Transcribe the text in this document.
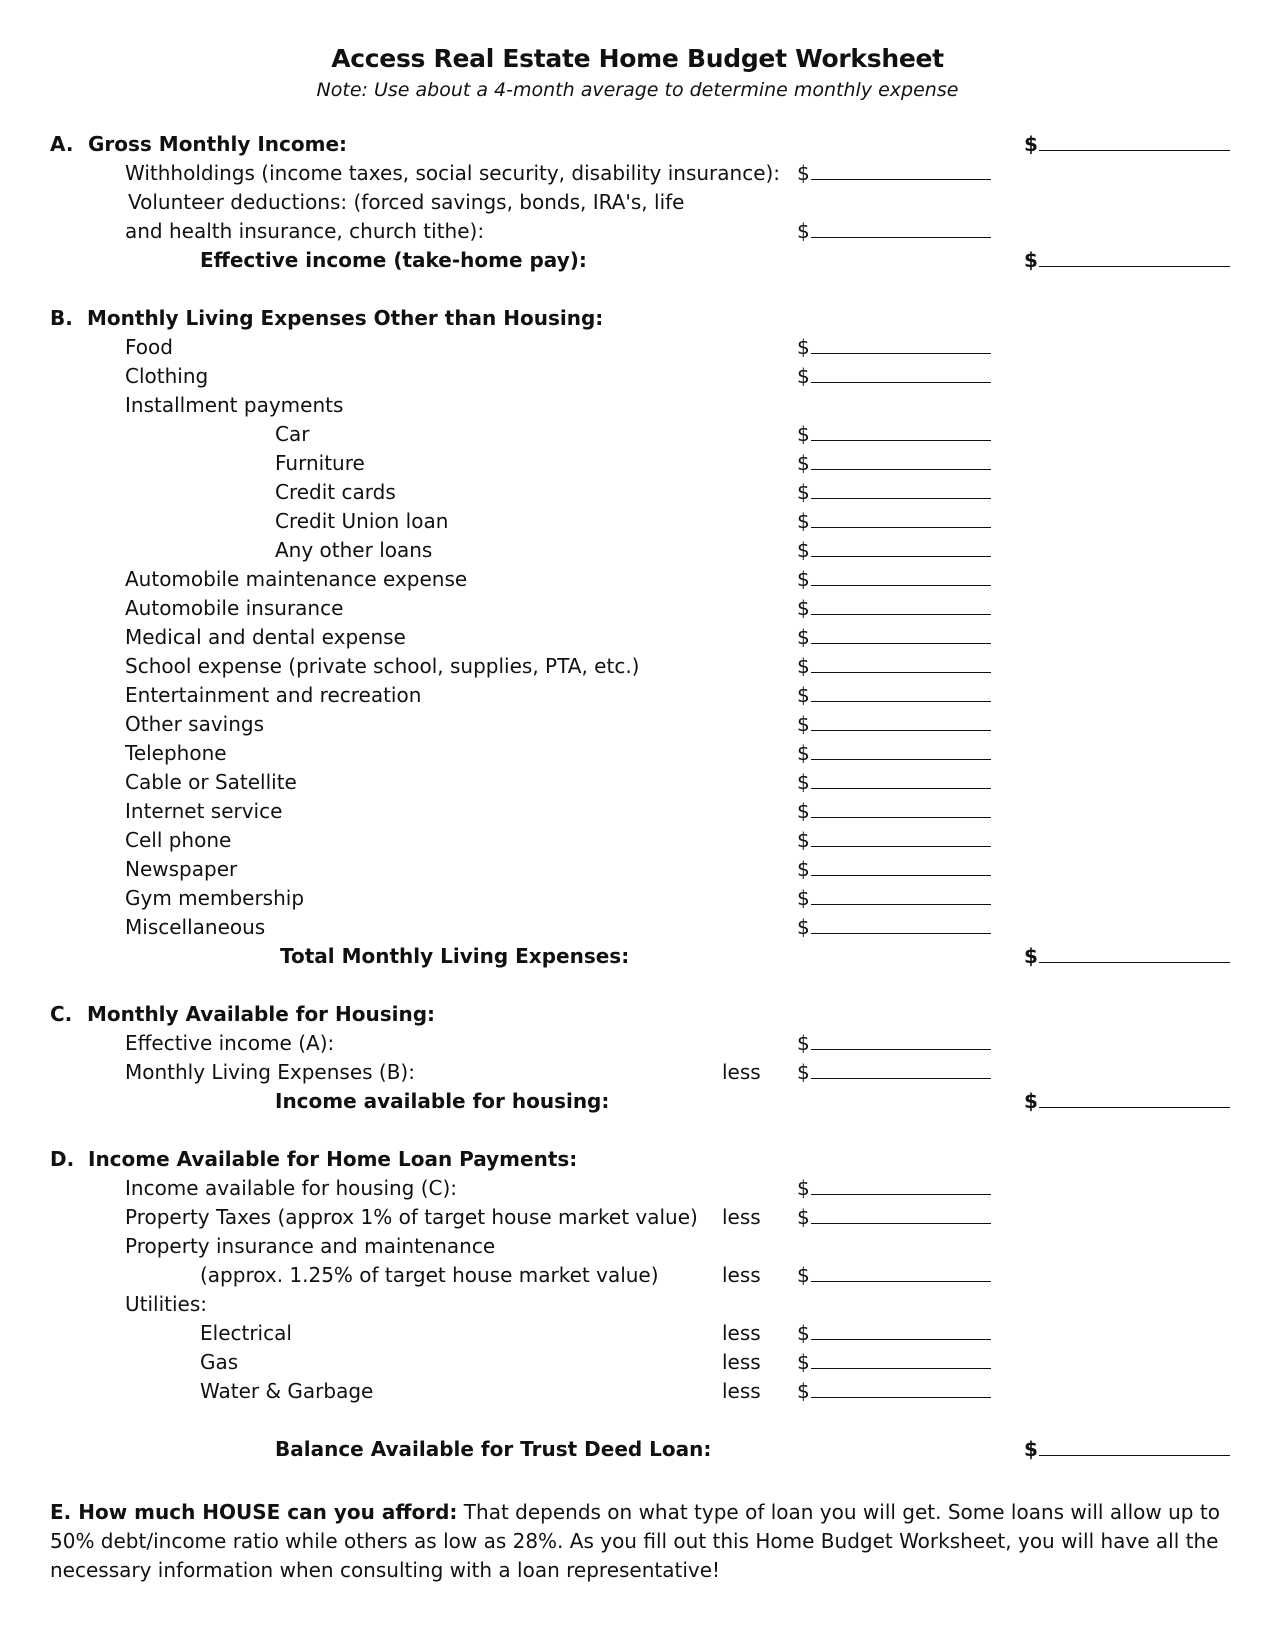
Access Real Estate Home Budget Worksheet
Note: Use about a 4-month average to determine monthly expense
A. Gross Monthly Income:	$
Withholdings (income taxes, social security, disability insurance): $
Volunteer deductions: (forced savings, bonds, IRA's, life
and health insurance, church tithe):	$
Effective income (take-home pay):	$
B. Monthly Living Expenses Other than Housing:
Food	$
Clothing	$
Installment payments
Car	$
Furniture	$
Credit cards	$
Credit Union loan	$
Any other loans	$
Automobile maintenance expense	$
Automobile insurance	$
Medical and dental expense	$
School expense (private school, supplies, PTA, etc.)	$
Entertainment and recreation	$
Other savings	$
Telephone	$
Cable or Satellite	$
Internet service	$
Cell phone	$
Newspaper	$
Gym membership	$
Miscellaneous	$
Total Monthly Living Expenses:	$
C. Monthly Available for Housing:
Effective income (A):	$
Monthly Living Expenses (B):	less $
Income available for housing:	$
D. Income Available for Home Loan Payments:
Income available for housing (C):	$
Property Taxes (approx 1% of target house market value) less $
Property insurance and maintenance
(approx. 1.25% of target house market value)	less $
Utilities:
Electrical	less $
Gas	less $
Water & Garbage	less $
Balance Available for Trust Deed Loan:	$
E. How much HOUSE can you afford: That depends on what type of loan you will get. Some loans will allow up to 50% debt/income ratio while others as low as 28%. As you fill out this Home Budget Worksheet, you will have all the necessary information when consulting with a loan representative!
